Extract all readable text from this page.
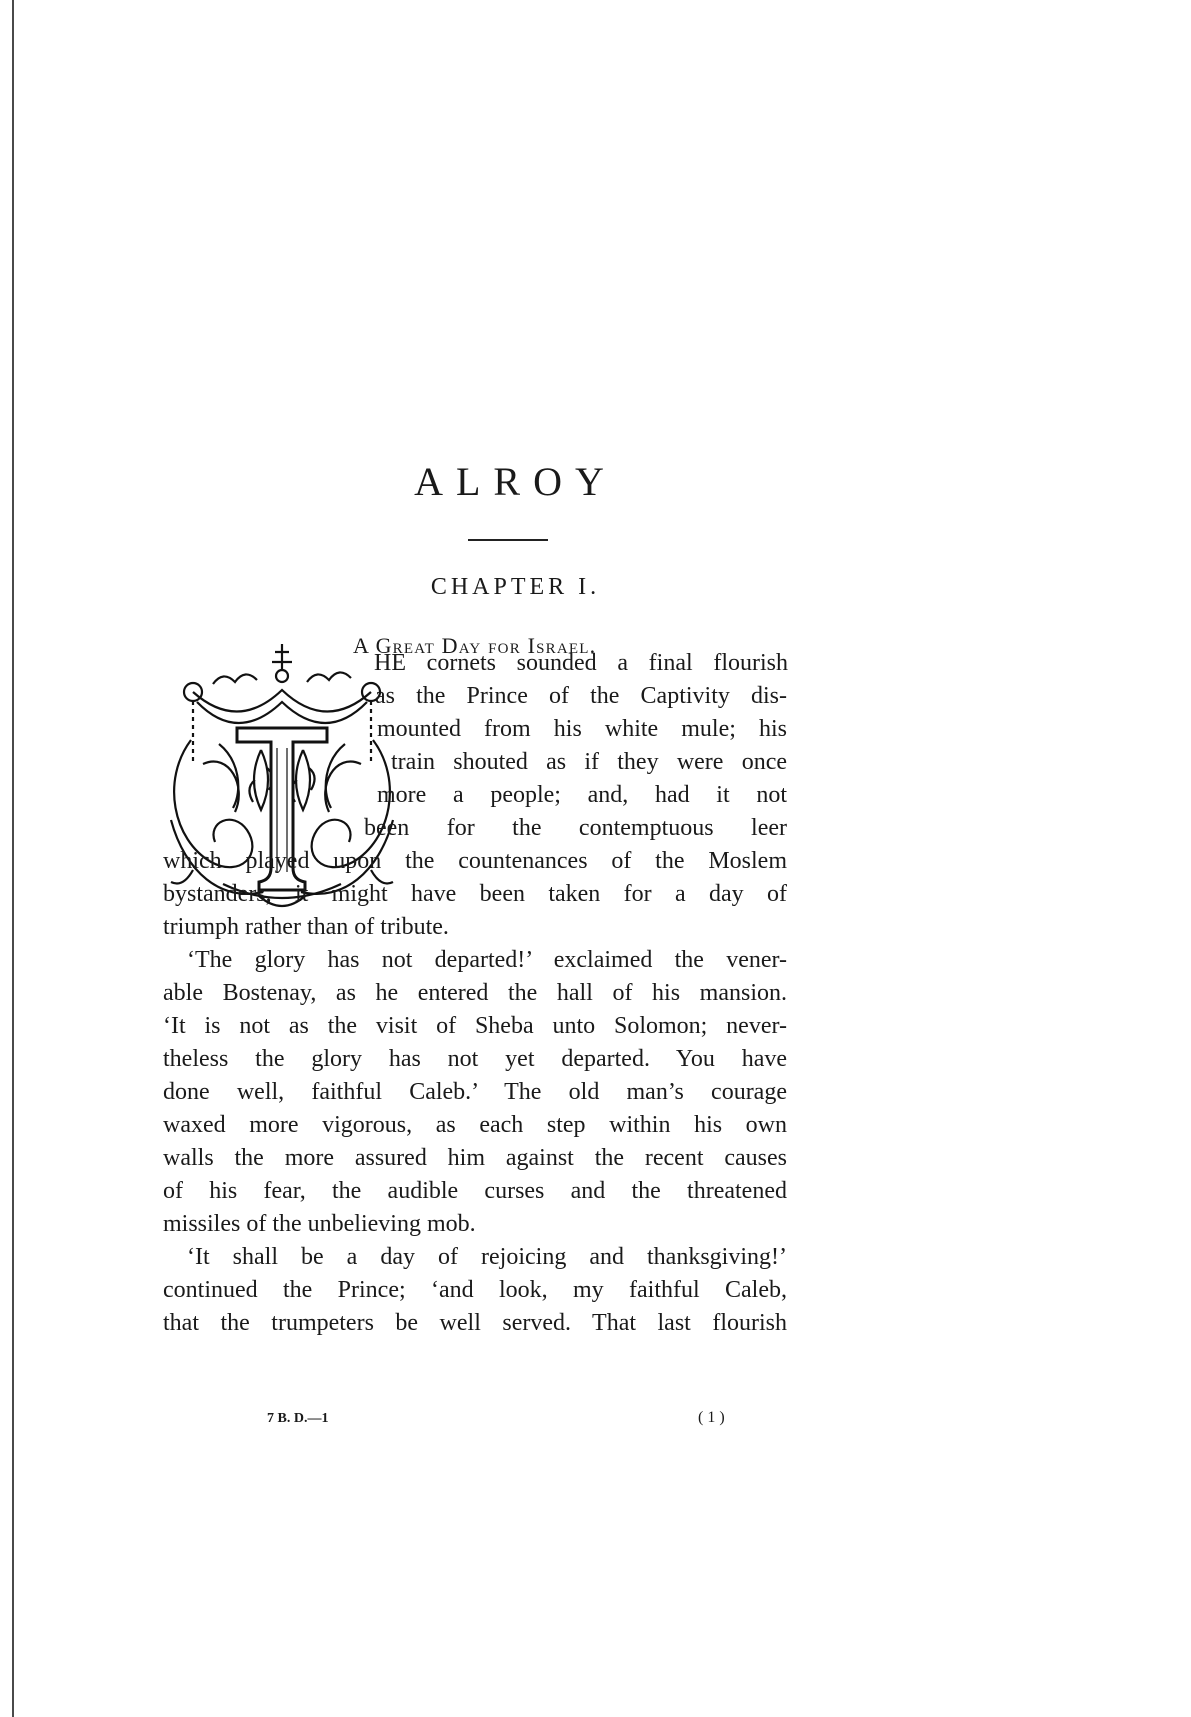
ALROY
CHAPTER I.
A Great Day for Israel.
HE cornets sounded a final flourish
as the Prince of the Captivity dis-
mounted from his white mule; his
train shouted as if they were once
more a people; and, had it not
been for the contemptuous leer
which played upon the countenances of the Moslem
bystanders, it might have been taken for a day of
triumph rather than of tribute.
‘The glory has not departed!’ exclaimed the vener-
able Bostenay, as he entered the hall of his mansion.
‘It is not as the visit of Sheba unto Solomon; never-
theless the glory has not yet departed. You have
done well, faithful Caleb.’ The old man’s courage
waxed more vigorous, as each step within his own
walls the more assured him against the recent causes
of his fear, the audible curses and the threatened
missiles of the unbelieving mob.
‘It shall be a day of rejoicing and thanksgiving!’
continued the Prince; ‘and look, my faithful Caleb,
that the trumpeters be well served. That last flourish
7 B. D.—1	( 1 )
